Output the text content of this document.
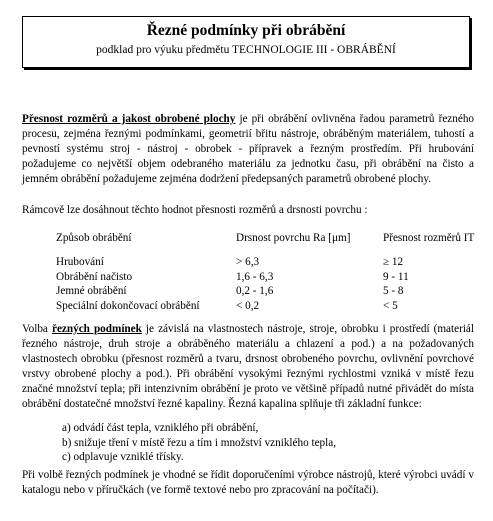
Řezné podmínky při obrábění
podklad pro výuku předmětu TECHNOLOGIE III - OBRÁBĚNÍ
Přesnost rozměrů a jakost obrobené plochy je při obrábění ovlivněna řadou parametrů řezného procesu, zejména řeznými podmínkami, geometrií břitu nástroje, obráběným materiálem, tuhostí a pevností systému stroj - nástroj - obrobek - přípravek a řezným prostředím. Při hrubování požadujeme co největší objem odebraného materiálu za jednotku času, při obrábění na čisto a jemném obrábění požadujeme zejména dodržení předepsaných parametrů obrobené plochy.
Rámcově lze dosáhnout těchto hodnot přesnosti rozměrů a drsnosti povrchu :
Způsob obrábění	Drsnost povrchu Ra [μm]	Přesnost rozměrů IT
Hrubování	> 6,3	≥ 12
Obrábění načisto	1,6 - 6,3	9 - 11
Jemné obrábění	0,2 - 1,6	5 - 8
Speciální dokončovací obrábění	< 0,2	< 5
Volba řezných podmínek je závislá na vlastnostech nástroje, stroje, obrobku i prostředí (materiál řezného nástroje, druh stroje a obráběného materiálu a chlazení a pod.) a na požadovaných vlastnostech obrobku (přesnost rozměrů a tvaru, drsnost obrobeného povrchu, ovlivnění povrchové vrstvy obrobené plochy a pod.). Při obrábění vysokými řeznými rychlostmi vzniká v místě řezu značné množství tepla; při intenzivním obrábění je proto ve většině případů nutné přivádět do místa obrábění dostatečné množství řezné kapaliny. Řezná kapalina splňuje tři základní funkce:
a) odvádí část tepla, vzniklého při obrábění,
b) snižuje tření v místě řezu a tím i množství vzniklého tepla,
c) odplavuje vzniklé třísky.
Při volbě řezných podmínek je vhodné se řídit doporučeními výrobce nástrojů, které výrobci uvádí v katalogu nebo v příručkách (ve formě textové nebo pro zpracování na počítači).
